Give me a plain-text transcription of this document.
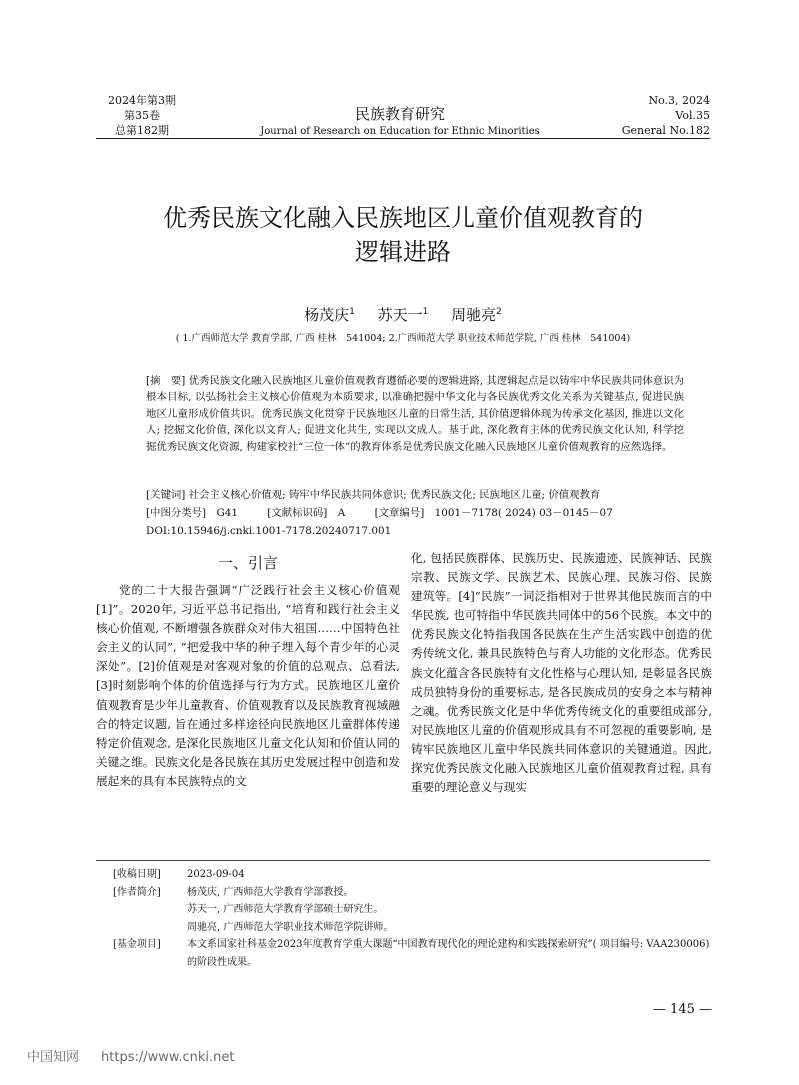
2024年第3期
第35卷
总第182期
民族教育研究
Journal of Research on Education for Ethnic Minorities
No.3, 2024
Vol.35
General No.182
优秀民族文化融入民族地区儿童价值观教育的
逻辑进路
杨茂庆$^1$ 苏天一$^1$ 周驰亮$^2$
( 1.广西师范大学 教育学部, 广西 桂林　541004; 2.广西师范大学 职业技术师范学院, 广西 桂林　541004)
[摘　要] 优秀民族文化融入民族地区儿童价值观教育遵循必要的逻辑进路, 其逻辑起点是以铸牢中华民族共同体意识为根本目标, 以弘扬社会主义核心价值观为本质要求, 以准确把握中华文化与各民族优秀文化关系为关键基点, 促进民族地区儿童形成价值共识。优秀民族文化贯穿于民族地区儿童的日常生活, 其价值逻辑体现为传承文化基因, 推进以文化人; 挖掘文化价值, 深化以文育人; 促进文化共生, 实现以文成人。基于此, 深化教育主体的优秀民族文化认知, 科学挖掘优秀民族文化资源, 构建家校社“三位一体”的教育体系是优秀民族文化融入民族地区儿童价值观教育的应然选择。
[关键词] 社会主义核心价值观; 铸牢中华民族共同体意识; 优秀民族文化; 民族地区儿童; 价值观教育
[中图分类号]　G41	[文献标识码]　A	[文章编号]　1001－7178( 2024) 03－0145－07
DOI:10.15946/j.cnki.1001-7178.20240717.001
一、引言
党的二十大报告强调“广泛践行社会主义核心价值观[1]”。2020年, 习近平总书记指出, “培育和践行社会主义核心价值观, 不断增强各族群众对伟大祖国……中国特色社会主义的认同”, “把爱我中华的种子埋入每个青少年的心灵深处”。[2]价值观是对客观对象的价值的总观点、总看法, [3]时刻影响个体的价值选择与行为方式。民族地区儿童价值观教育是少年儿童教育、价值观教育以及民族教育视域融合的特定议题, 旨在通过多样途径向民族地区儿童群体传递特定价值观念, 是深化民族地区儿童文化认知和价值认同的关键之维。民族文化是各民族在其历史发展过程中创造和发展起来的具有本民族特点的文
化, 包括民族群体、民族历史、民族遗迹、民族神话、民族宗教、民族文学、民族艺术、民族心理、民族习俗、民族建筑等。[4]“民族”一词泛指相对于世界其他民族而言的中华民族, 也可特指中华民族共同体中的56个民族。本文中的优秀民族文化特指我国各民族在生产生活实践中创造的优秀传统文化, 兼具民族特色与育人功能的文化形态。优秀民族文化蕴含各民族特有文化性格与心理认知, 是彰显各民族成员独特身份的重要标志, 是各民族成员的安身之本与精神之魂。优秀民族文化是中华优秀传统文化的重要组成部分, 对民族地区儿童的价值观形成具有不可忽视的重要影响, 是铸牢民族地区儿童中华民族共同体意识的关键通道。因此, 探究优秀民族文化融入民族地区儿童价值观教育过程, 具有重要的理论意义与现实
[收稿日期]	2023-09-04
[作者简介]	杨茂庆, 广西师范大学教育学部教授。
苏天一, 广西师范大学教育学部硕士研究生。
周驰亮, 广西师范大学职业技术师范学院讲师。
[基金项目]	本文系国家社科基金2023年度教育学重大课题“中国教育现代化的理论建构和实践探索研究”( 项目编号: VAA230006) 的阶段性成果。
— 145 —
中国知网 https://www.cnki.net
